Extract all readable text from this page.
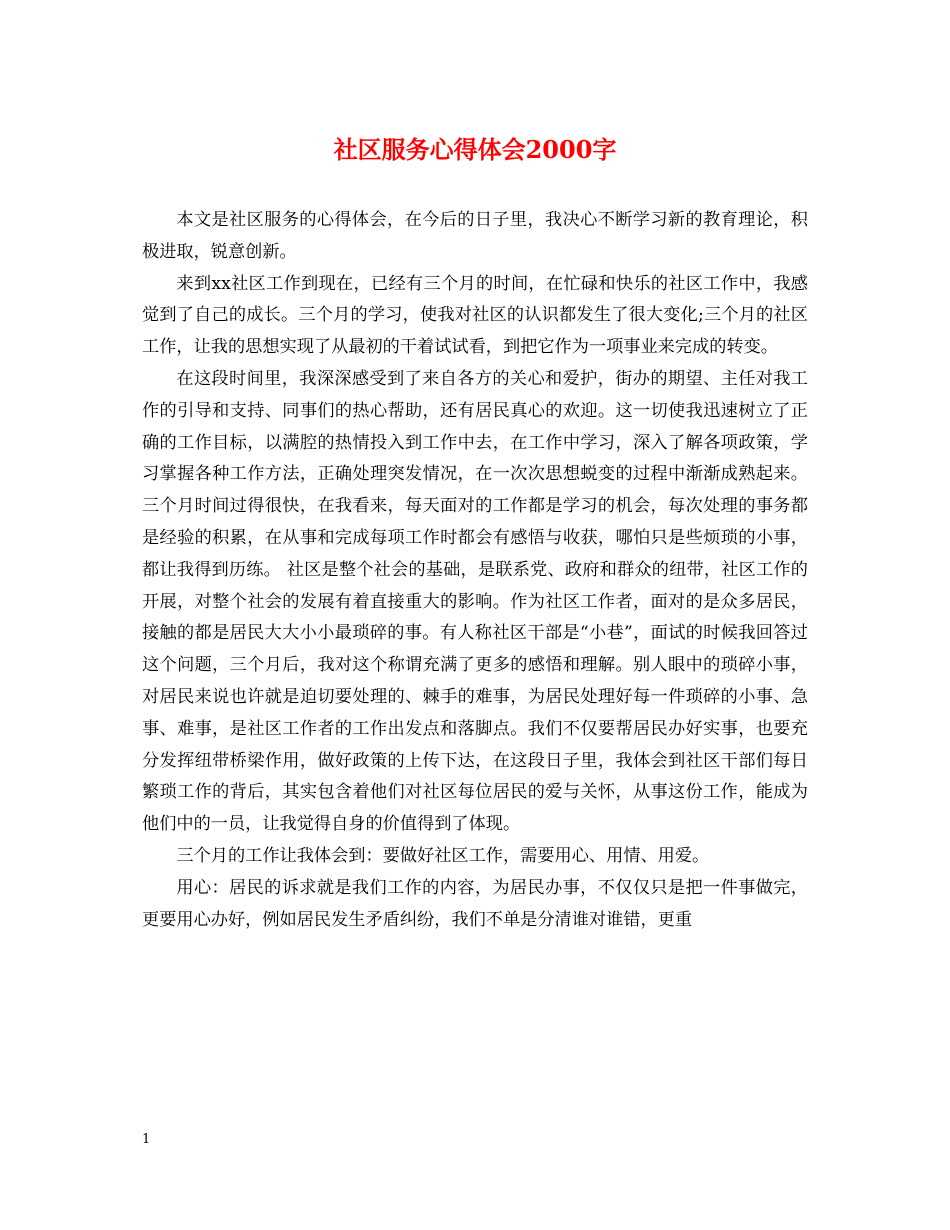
社区服务心得体会2000字

本文是社区服务的心得体会，在今后的日子里，我决心不断学习新的教育理论，积极进取，锐意创新。

来到xx社区工作到现在，已经有三个月的时间，在忙碌和快乐的社区工作中，我感觉到了自己的成长。三个月的学习，使我对社区的认识都发生了很大变化;三个月的社区工作，让我的思想实现了从最初的干着试试看，到把它作为一项事业来完成的转变。

在这段时间里，我深深感受到了来自各方的关心和爱护，街办的期望、主任对我工作的引导和支持、同事们的热心帮助，还有居民真心的欢迎。这一切使我迅速树立了正确的工作目标，以满腔的热情投入到工作中去，在工作中学习，深入了解各项政策，学习掌握各种工作方法，正确处理突发情况，在一次次思想蜕变的过程中渐渐成熟起来。三个月时间过得很快，在我看来，每天面对的工作都是学习的机会，每次处理的事务都是经验的积累，在从事和完成每项工作时都会有感悟与收获，哪怕只是些烦琐的小事，都让我得到历练。 社区是整个社会的基础，是联系党、政府和群众的纽带，社区工作的开展，对整个社会的发展有着直接重大的影响。作为社区工作者，面对的是众多居民，接触的都是居民大大小小最琐碎的事。有人称社区干部是“小巷”，面试的时候我回答过这个问题，三个月后，我对这个称谓充满了更多的感悟和理解。别人眼中的琐碎小事，对居民来说也许就是迫切要处理的、棘手的难事，为居民处理好每一件琐碎的小事、急事、难事，是社区工作者的工作出发点和落脚点。我们不仅要帮居民办好实事，也要充分发挥纽带桥梁作用，做好政策的上传下达，在这段日子里，我体会到社区干部们每日繁琐工作的背后，其实包含着他们对社区每位居民的爱与关怀，从事这份工作，能成为他们中的一员，让我觉得自身的价值得到了体现。

三个月的工作让我体会到：要做好社区工作，需要用心、用情、用爱。

用心：居民的诉求就是我们工作的内容，为居民办事，不仅仅只是把一件事做完，更要用心办好，例如居民发生矛盾纠纷，我们不单是分清谁对谁错，更重

1
